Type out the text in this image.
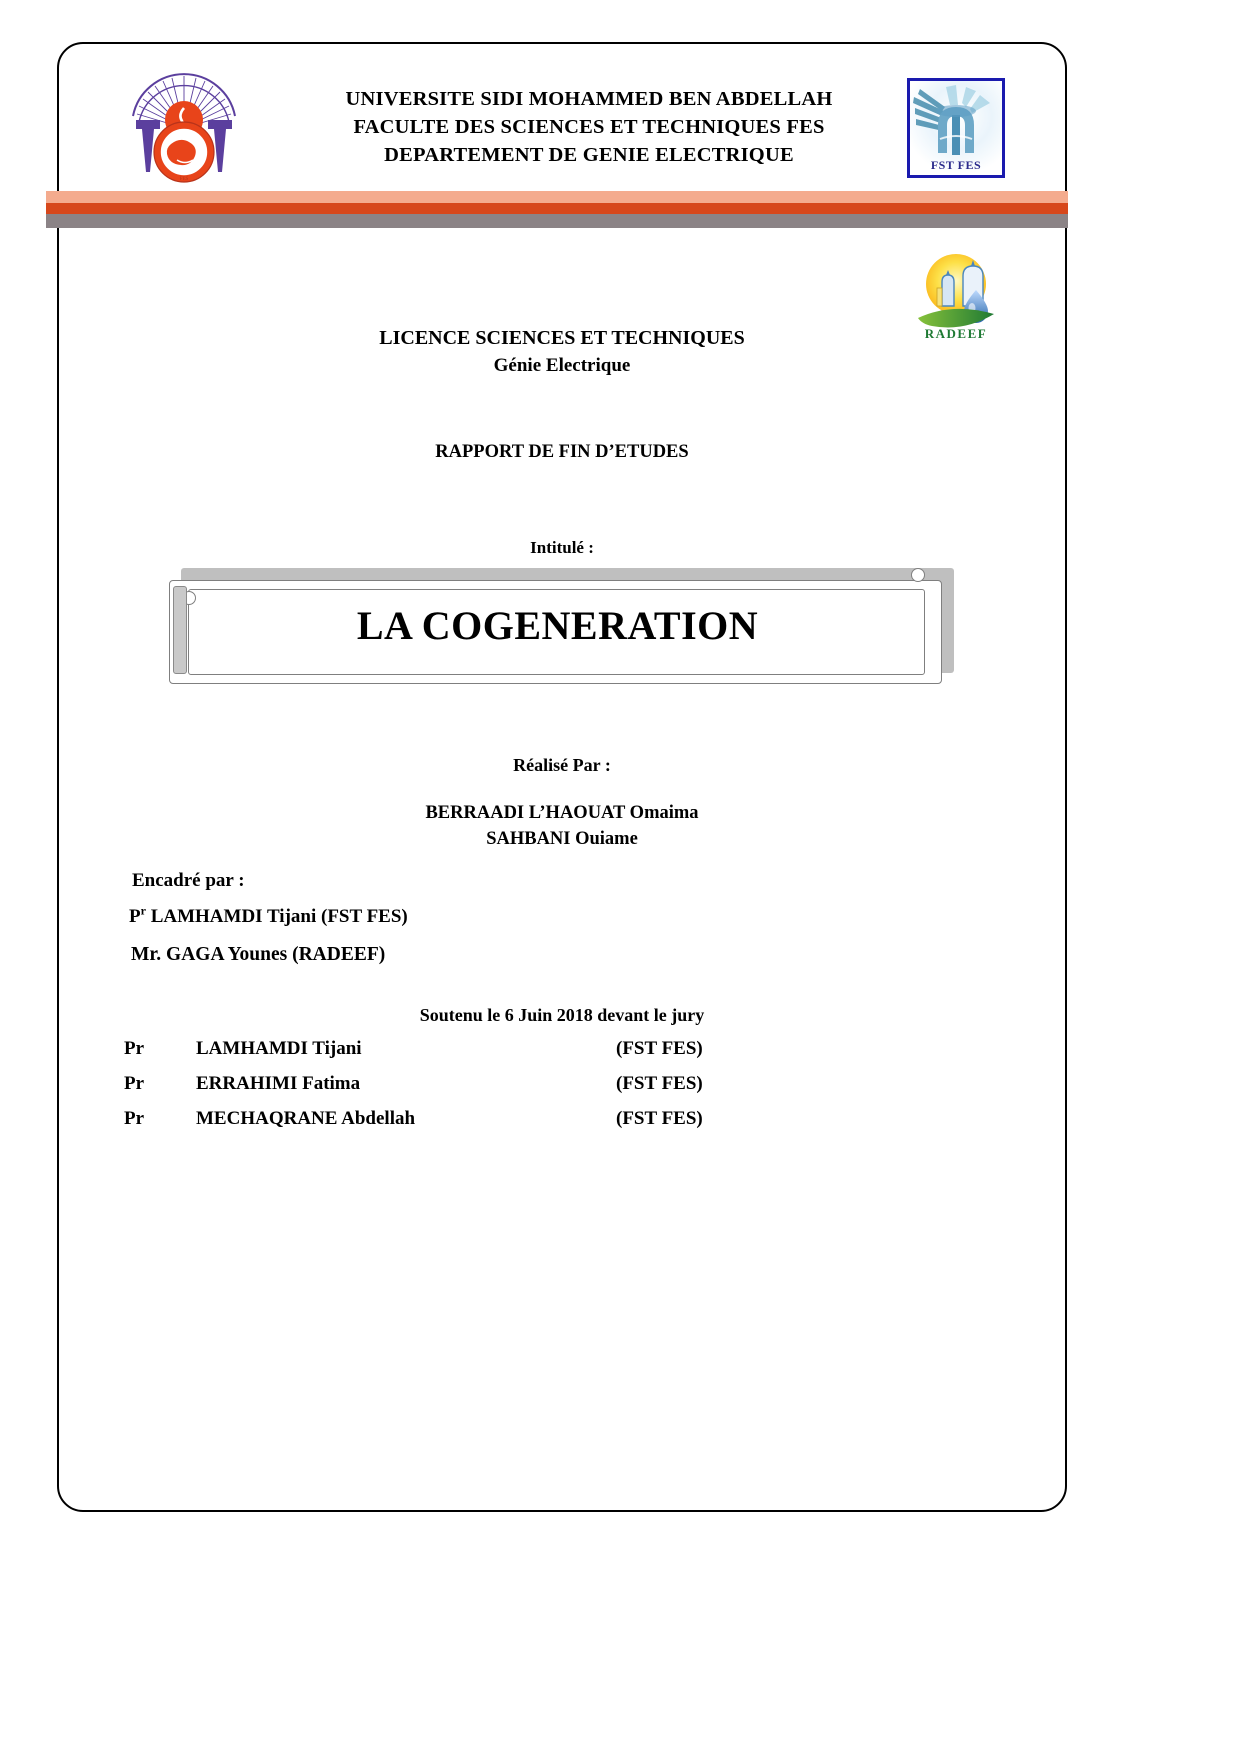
FES
UNIVERSITE SIDI MOHAMMED BEN ABDELLAH
FACULTE DES SCIENCES ET TECHNIQUES FES
DEPARTEMENT DE GENIE ELECTRIQUE	FST FES
RADEEF
LICENCE SCIENCES ET TECHNIQUES
Génie Electrique
RAPPORT DE FIN D’ETUDES
Intitulé :
LA COGENERATION
Réalisé Par :
BERRAADI L’HAOUAT Omaima
SAHBANI Ouiame
Encadré par :
$P^r$ LAMHAMDI Tijani (FST FES)
Mr. GAGA Younes (RADEEF)
Soutenu le 6 Juin 2018 devant le jury
Pr	LAMHAMDI Tijani	(FST FES)
Pr	ERRAHIMI Fatima	(FST FES)
Pr	MECHAQRANE Abdellah	(FST FES)
